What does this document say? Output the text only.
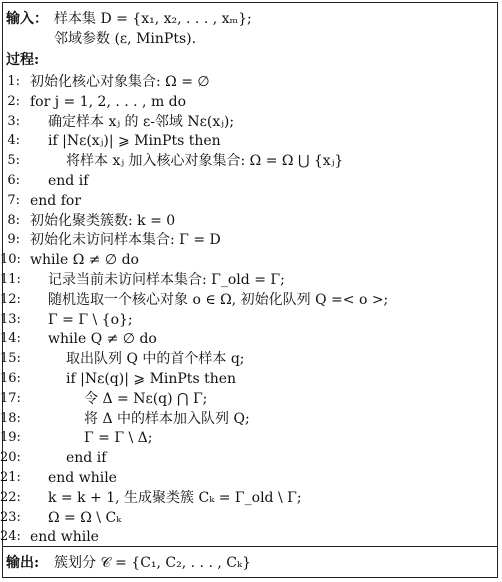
输入： 样本集 D = {x₁, x₂, . . . , xₘ};
邻域参数 (ε, MinPts).
过程:
1: 初始化核心对象集合: Ω = ∅
2: for j = 1, 2, . . . , m do
3: 确定样本 xⱼ 的 ε-邻域 Nε(xⱼ);
4: if |Nε(xⱼ)| ⩾ MinPts then
5:	将样本 xⱼ 加入核心对象集合: Ω = Ω ⋃ {xⱼ}
6: end if
7: end for
8: 初始化聚类簇数: k = 0
9: 初始化未访问样本集合: Γ = D
10: while Ω ≠ ∅ do
11: 记录当前未访问样本集合: Γ_old = Γ;
12: 随机选取一个核心对象 o ∈ Ω, 初始化队列 Q =< o >;
13: Γ = Γ \ {o};
14: while Q ≠ ∅ do
15:	取出队列 Q 中的首个样本 q;
16:	if |Nε(q)| ⩾ MinPts then
17:	令 Δ = Nε(q) ⋂ Γ;
18:	将 Δ 中的样本加入队列 Q;
19:	Γ = Γ \ Δ;
20:	end if
21: end while
22: k = k + 1, 生成聚类簇 Cₖ = Γ_old \ Γ;
23: Ω = Ω \ Cₖ
24: end while
输出: 簇划分 𝒞 = {C₁, C₂, . . . , Cₖ}
